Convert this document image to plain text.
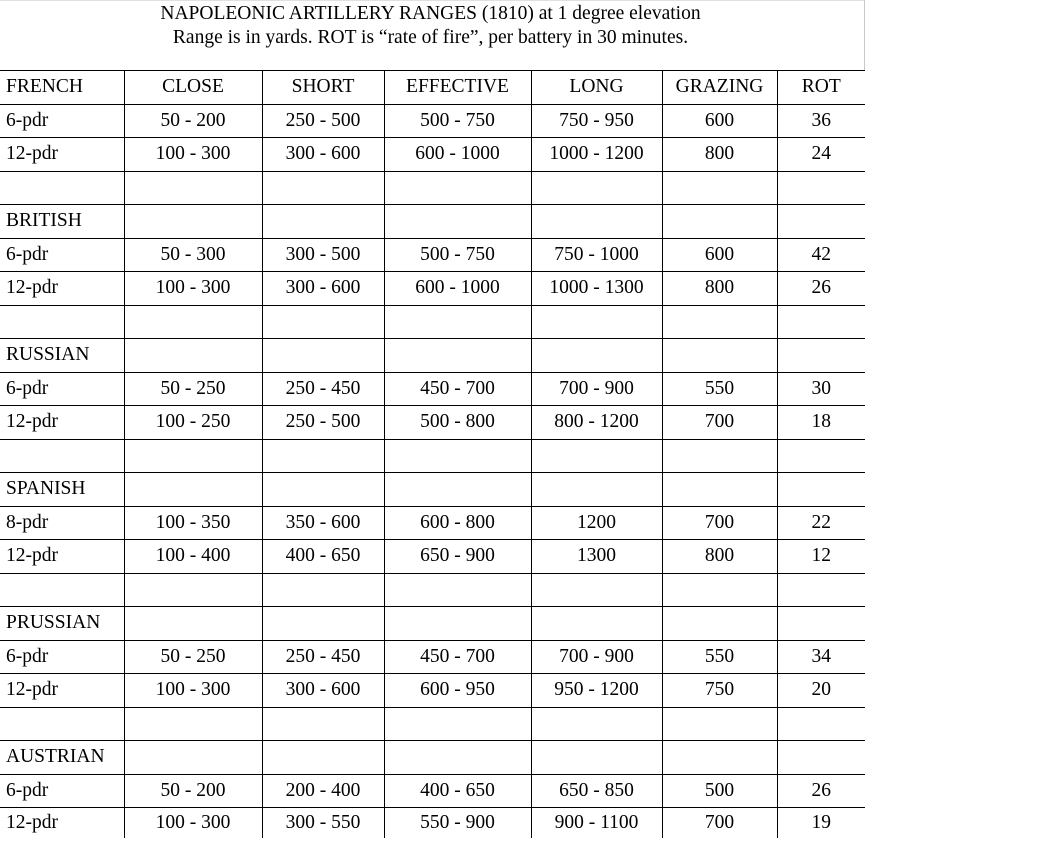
NAPOLEONIC ARTILLERY RANGES (1810) at 1 degree elevation
Range is in yards. ROT is “rate of fire”, per battery in 30 minutes.
FRENCH	CLOSE	SHORT	EFFECTIVE	LONG	GRAZING	ROT
6-pdr	50 - 200	250 - 500	500 - 750	750 - 950	600	36
12-pdr	100 - 300	300 - 600	600 - 1000	1000 - 1200	800	24

BRITISH						
6-pdr	50 - 300	300 - 500	500 - 750	750 - 1000	600	42
12-pdr	100 - 300	300 - 600	600 - 1000	1000 - 1300	800	26

RUSSIAN						
6-pdr	50 - 250	250 - 450	450 - 700	700 - 900	550	30
12-pdr	100 - 250	250 - 500	500 - 800	800 - 1200	700	18

SPANISH						
8-pdr	100 - 350	350 - 600	600 - 800	1200	700	22
12-pdr	100 - 400	400 - 650	650 - 900	1300	800	12

PRUSSIAN						
6-pdr	50 - 250	250 - 450	450 - 700	700 - 900	550	34
12-pdr	100 - 300	300 - 600	600 - 950	950 - 1200	750	20

AUSTRIAN						
6-pdr	50 - 200	200 - 400	400 - 650	650 - 850	500	26
12-pdr	100 - 300	300 - 550	550 - 900	900 - 1100	700	19
